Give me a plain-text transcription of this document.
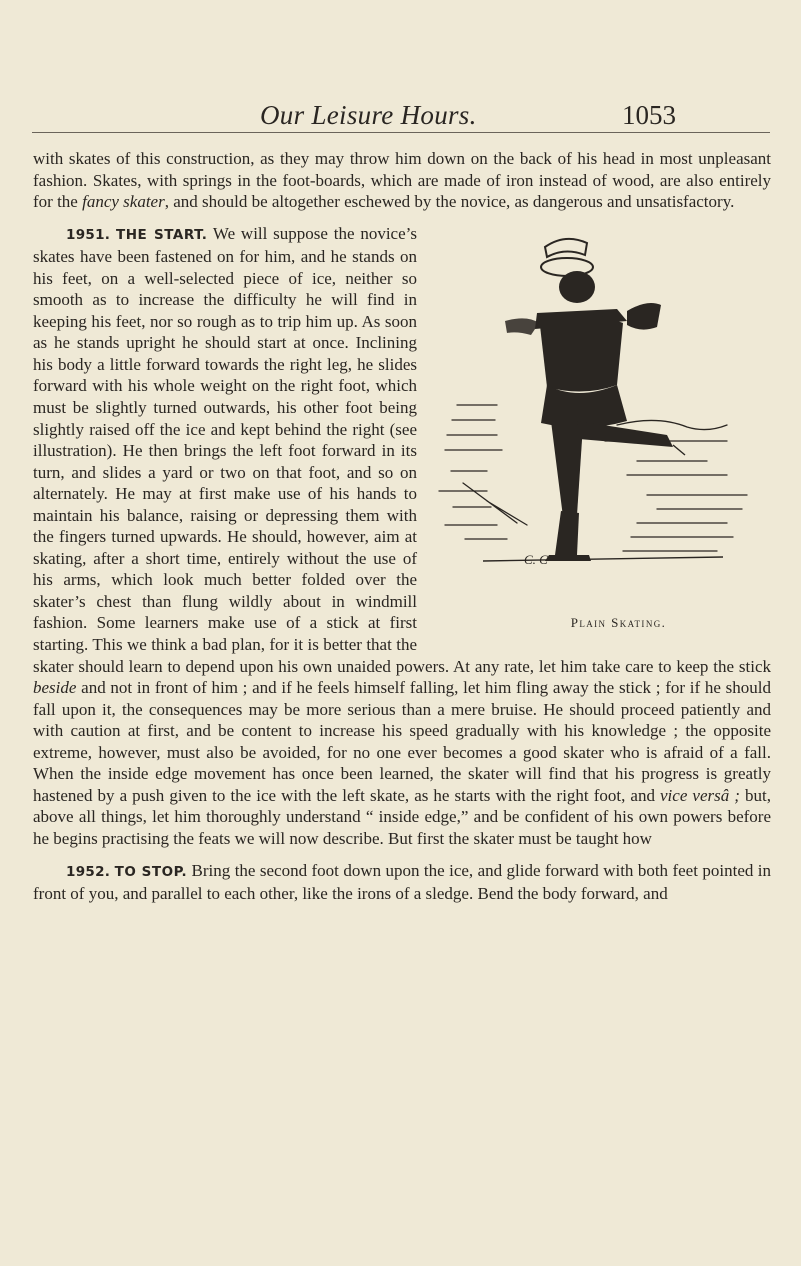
Our Leisure Hours.	1053

with skates of this construction, as they may throw him down on the back of his head in most unpleasant fashion. Skates, with springs in the foot-boards, which are made of iron instead of wood, are also entirely for the fancy skater, and should be altogether eschewed by the novice, as dangerous and unsatisfactory.

1951. THE START.
C. C
Plain Skating.
We will suppose the novice’s skates have been fastened on for him, and he stands on his feet, on a well-selected piece of ice, neither so smooth as to increase the difficulty he will find in keeping his feet, nor so rough as to trip him up. As soon as he stands upright he should start at once. Inclining his body a little forward towards the right leg, he slides forward with his whole weight on the right foot, which must be slightly turned outwards, his other foot being slightly raised off the ice and kept behind the right (see illustration). He then brings the left foot forward in its turn, and slides a yard or two on that foot, and so on alternately. He may at first make use of his hands to maintain his balance, raising or depressing them with the fingers turned upwards. He should, however, aim at skating, after a short time, entirely without the use of his arms, which look much better folded over the skater’s chest than flung wildly about in windmill fashion. Some learners make use of a stick at first starting. This we think a bad plan, for it is better that the skater should learn to depend upon his own unaided powers. At any rate, let him take care to keep the stick beside and not in front of him ; and if he feels himself falling, let him fling away the stick ; for if he should fall upon it, the consequences may be more serious than a mere bruise. He should proceed patiently and with caution at first, and be content to increase his speed gradually with his knowledge ; the opposite extreme, however, must also be avoided, for no one ever becomes a good skater who is afraid of a fall. When the inside edge movement has once been learned, the skater will find that his progress is greatly hastened by a push given to the ice with the left skate, as he starts with the right foot, and vice versâ ; but, above all things, let him thoroughly understand “ inside edge,” and be confident of his own powers before he begins practising the feats we will now describe. But first the skater must be taught how

1952. TO STOP. Bring the second foot down upon the ice, and glide forward with both feet pointed in front of you, and parallel to each other, like the irons of a sledge. Bend the body forward, and
